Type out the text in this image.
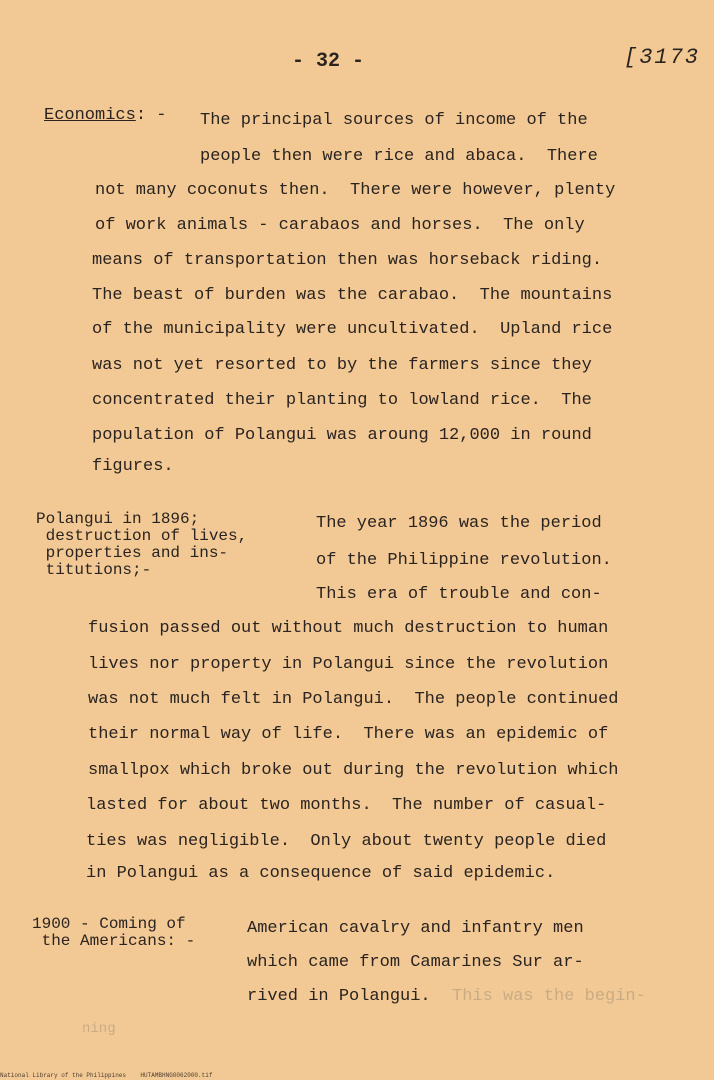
- 32 -	[3173
Economics: - The principal sources of income of the
people then were rice and abaca.  There
not many coconuts then.  There were however, plenty
of work animals - carabaos and horses.  The only
means of transportation then was horseback riding.
The beast of burden was the carabao.  The mountains
of the municipality were uncultivated.  Upland rice
was not yet resorted to by the farmers since they
concentrated their planting to lowland rice.  The
population of Polangui was aroung 12,000 in round
figures.
Polangui in 1896;
destruction of lives,
properties and ins-
titutions;-
The year 1896 was the period
of the Philippine revolution.
This era of trouble and con-
fusion passed out without much destruction to human
lives nor property in Polangui since the revolution
was not much felt in Polangui.  The people continued
their normal way of life.  There was an epidemic of
smallpox which broke out during the revolution which
lasted for about two months.  The number of casual-
ties was negligible.  Only about twenty people died
in Polangui as a consequence of said epidemic.
1900 - Coming of
the Americans: -
American cavalry and infantry men
which came from Camarines Sur ar-
rived in Polangui. This was the begin-
ning
National Library of the Philippines    HUTAMBHNG0062000.tif
